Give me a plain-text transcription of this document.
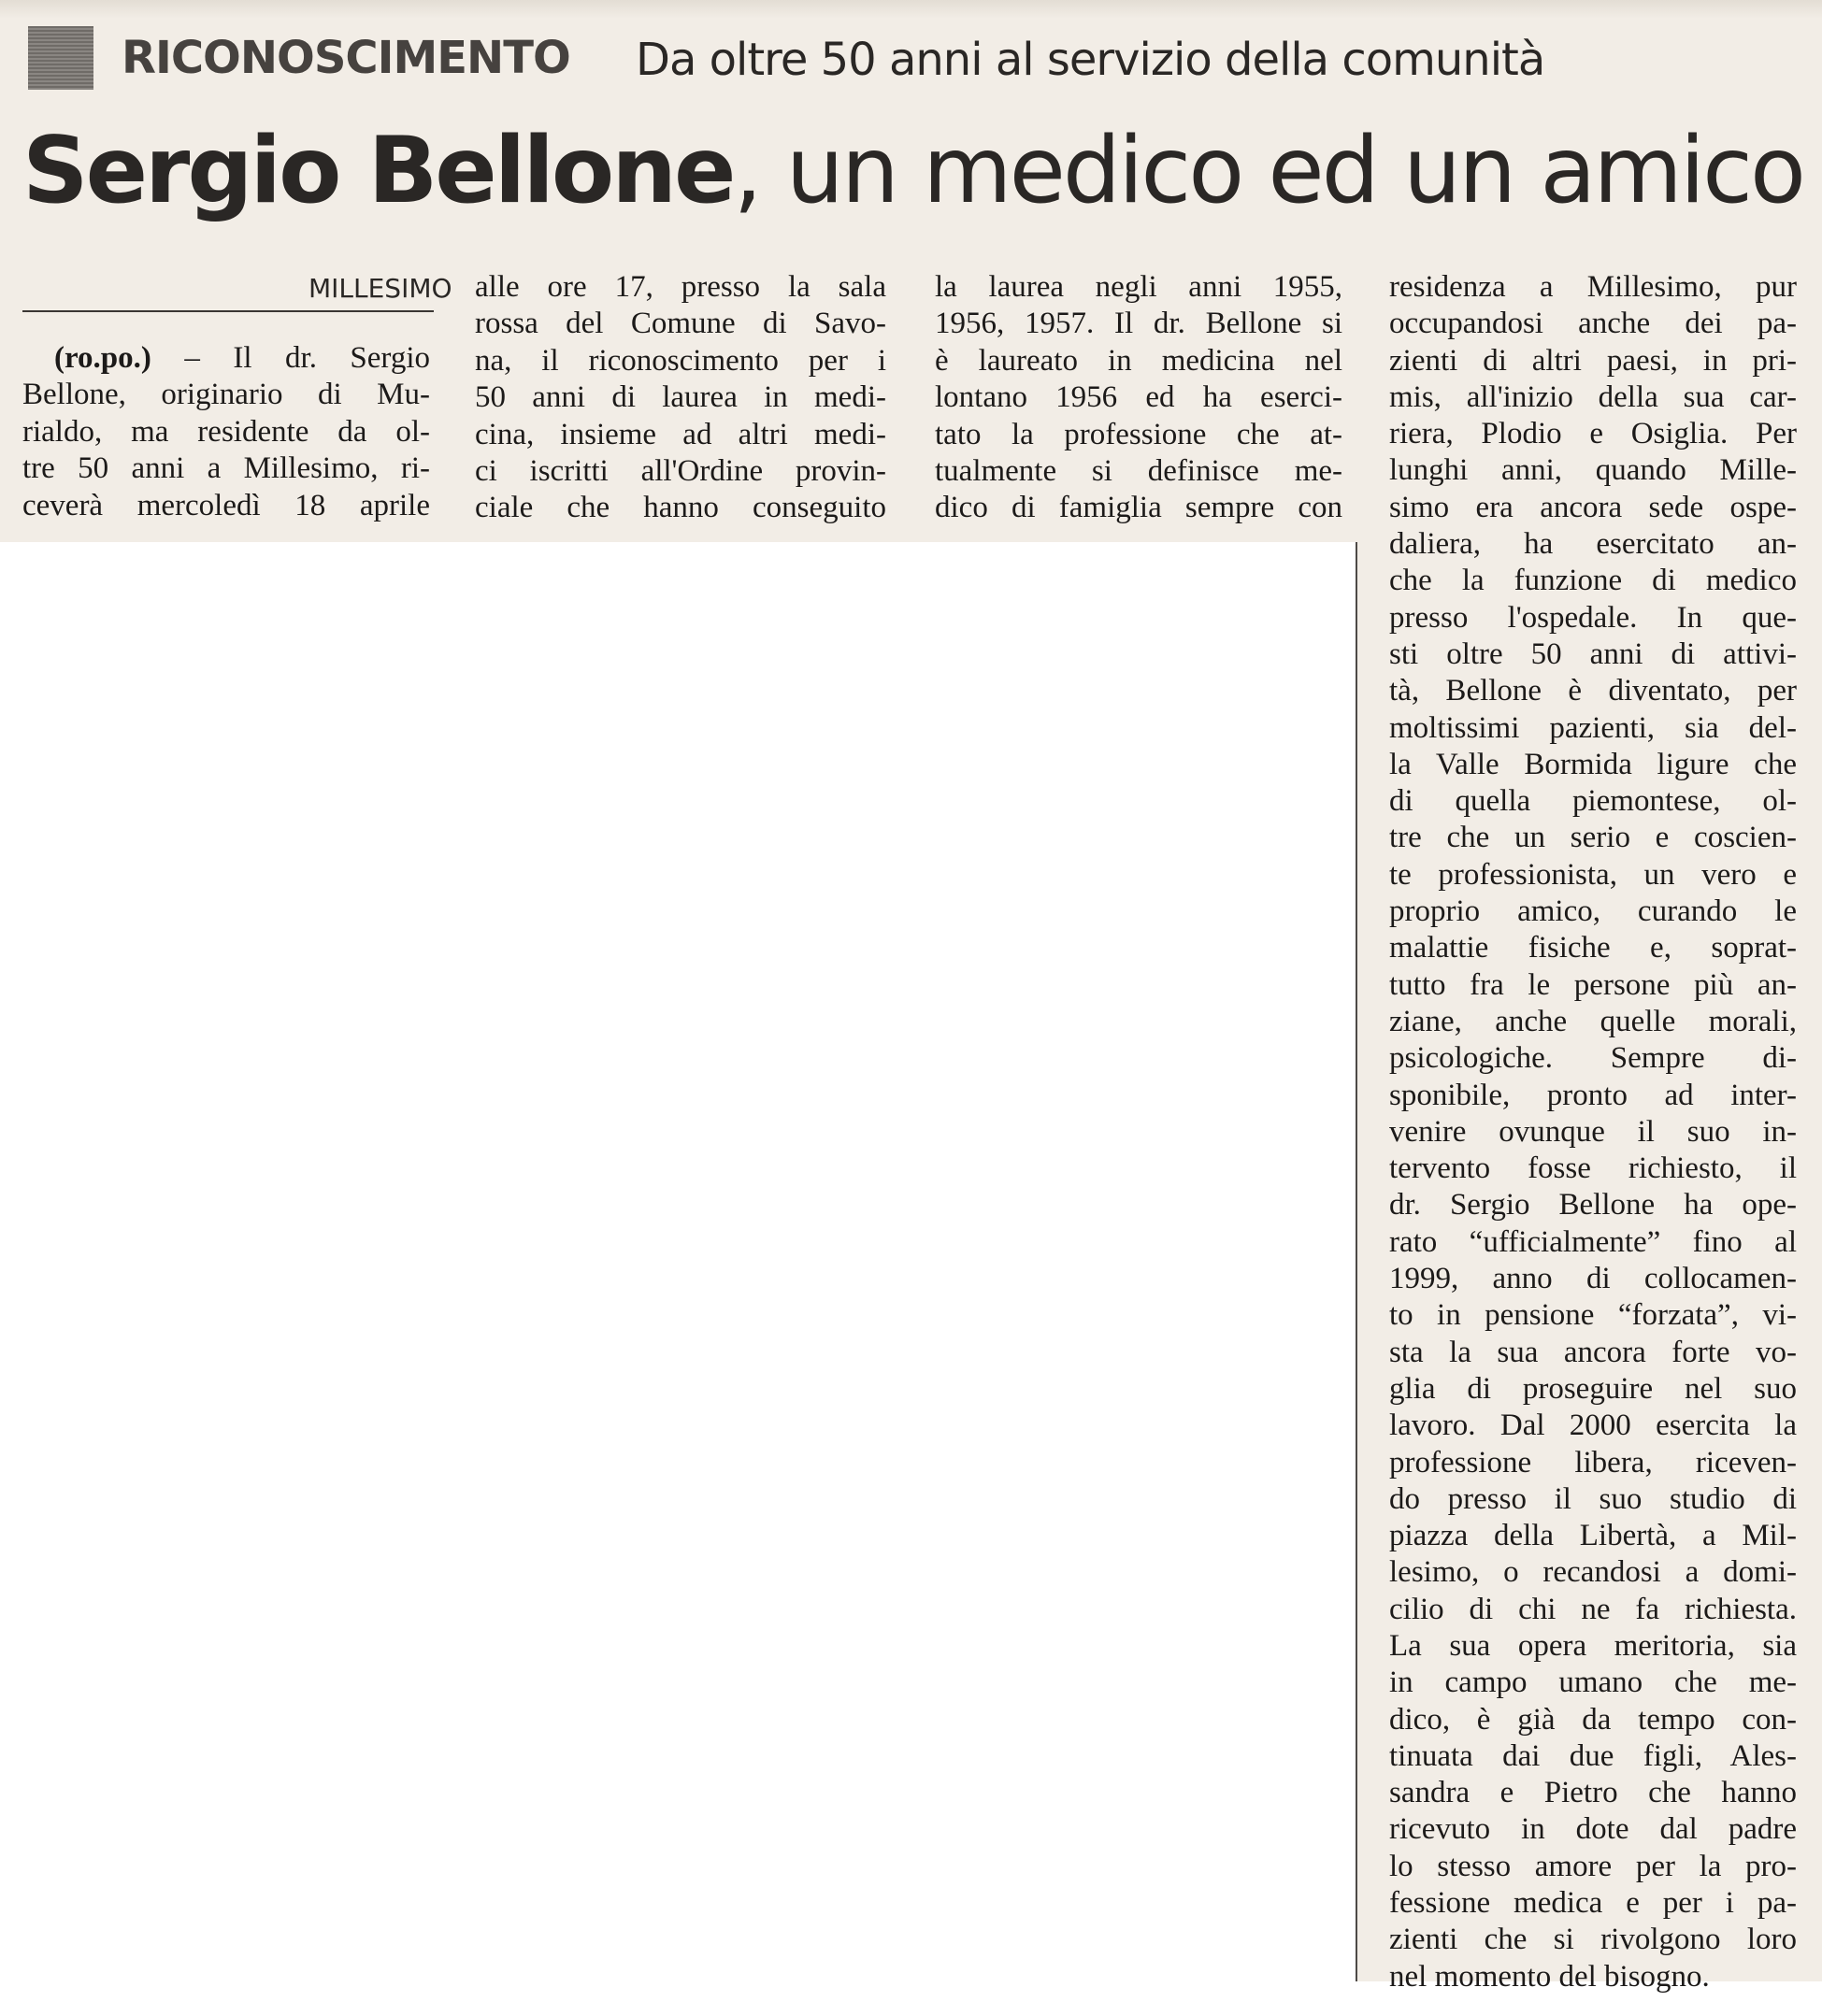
RICONOSCIMENTO Da oltre 50 anni al servizio della comunità
Sergio Bellone, un medico ed un amico
MILLESIMO
(ro.po.) – Il dr. Sergio
Bellone, originario di Mu-
rialdo, ma residente da ol-
tre 50 anni a Millesimo, ri-
ceverà mercoledì 18 aprile
alle ore 17, presso la sala
rossa del Comune di Savo-
na, il riconoscimento per i
50 anni di laurea in medi-
cina, insieme ad altri medi-
ci iscritti all'Ordine provin-
ciale che hanno conseguito
la laurea negli anni 1955,
1956, 1957. Il dr. Bellone si
è laureato in medicina nel
lontano 1956 ed ha eserci-
tato la professione che at-
tualmente si definisce me-
dico di famiglia sempre con
residenza a Millesimo, pur
occupandosi anche dei pa-
zienti di altri paesi, in pri-
mis, all'inizio della sua car-
riera, Plodio e Osiglia. Per
lunghi anni, quando Mille-
simo era ancora sede ospe-
daliera, ha esercitato an-
che la funzione di medico
presso l'ospedale. In que-
sti oltre 50 anni di attivi-
tà, Bellone è diventato, per
moltissimi pazienti, sia del-
la Valle Bormida ligure che
di quella piemontese, ol-
tre che un serio e coscien-
te professionista, un vero e
proprio amico, curando le
malattie fisiche e, soprat-
tutto fra le persone più an-
ziane, anche quelle morali,
psicologiche. Sempre di-
sponibile, pronto ad inter-
venire ovunque il suo in-
tervento fosse richiesto, il
dr. Sergio Bellone ha ope-
rato “ufficialmente” fino al
1999, anno di collocamen-
to in pensione “forzata”, vi-
sta la sua ancora forte vo-
glia di proseguire nel suo
lavoro. Dal 2000 esercita la
professione libera, riceven-
do presso il suo studio di
piazza della Libertà, a Mil-
lesimo, o recandosi a domi-
cilio di chi ne fa richiesta.
La sua opera meritoria, sia
in campo umano che me-
dico, è già da tempo con-
tinuata dai due figli, Ales-
sandra e Pietro che hanno
ricevuto in dote dal padre
lo stesso amore per la pro-
fessione medica e per i pa-
zienti che si rivolgono loro
nel momento del bisogno.
